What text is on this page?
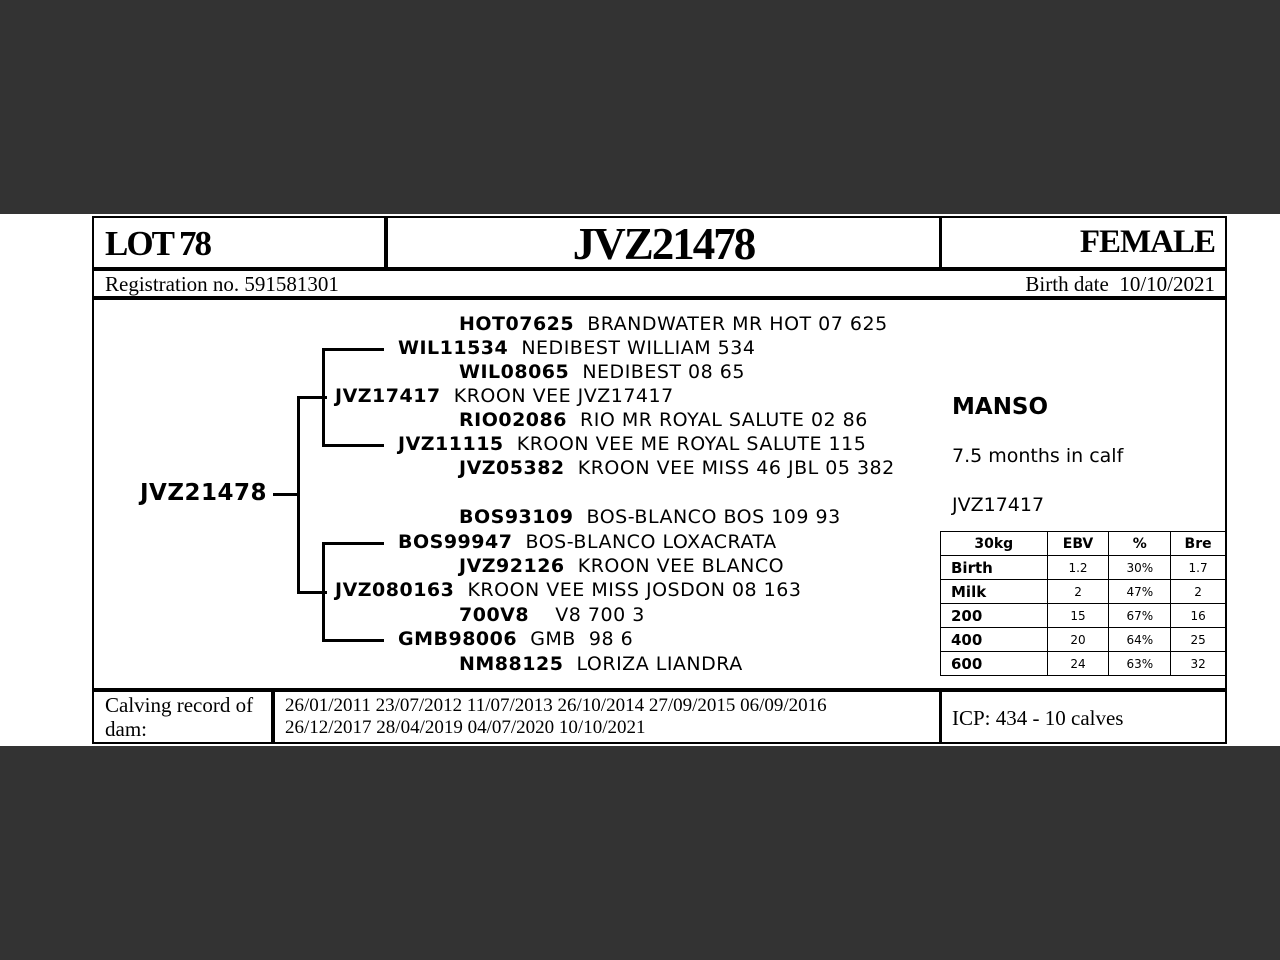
LOT 78	JVZ21478	FEMALE
Registration no. 591581301	Birth date  10/10/2021
JVZ21478
HOT07625 BRANDWATER MR HOT 07 625
WIL11534 NEDIBEST WILLIAM 534
WIL08065 NEDIBEST 08 65
JVZ17417 KROON VEE JVZ17417
RIO02086 RIO MR ROYAL SALUTE 02 86
JVZ11115 KROON VEE ME ROYAL SALUTE 115
JVZ05382 KROON VEE MISS 46 JBL 05 382
BOS93109 BOS-BLANCO BOS 109 93
BOS99947 BOS-BLANCO LOXACRATA
JVZ92126 KROON VEE BLANCO
JVZ080163 KROON VEE MISS JOSDON 08 163
700V8 V8 700 3
GMB98006 GMB  98 6
NM88125 LORIZA LIANDRA
MANSO
7.5 months in calf
JVZ17417
30kg	EBV	%	Bre
Birth	1.2	30%	1.7
Milk	2	47%	2
200	15	67%	16
400	20	64%	25
600	24	63%	32
Calving record of dam:
26/01/2011 23/07/2012 11/07/2013 26/10/2014 27/09/2015 06/09/2016
26/12/2017 28/04/2019 04/07/2020 10/10/2021	ICP: 434 - 10 calves
